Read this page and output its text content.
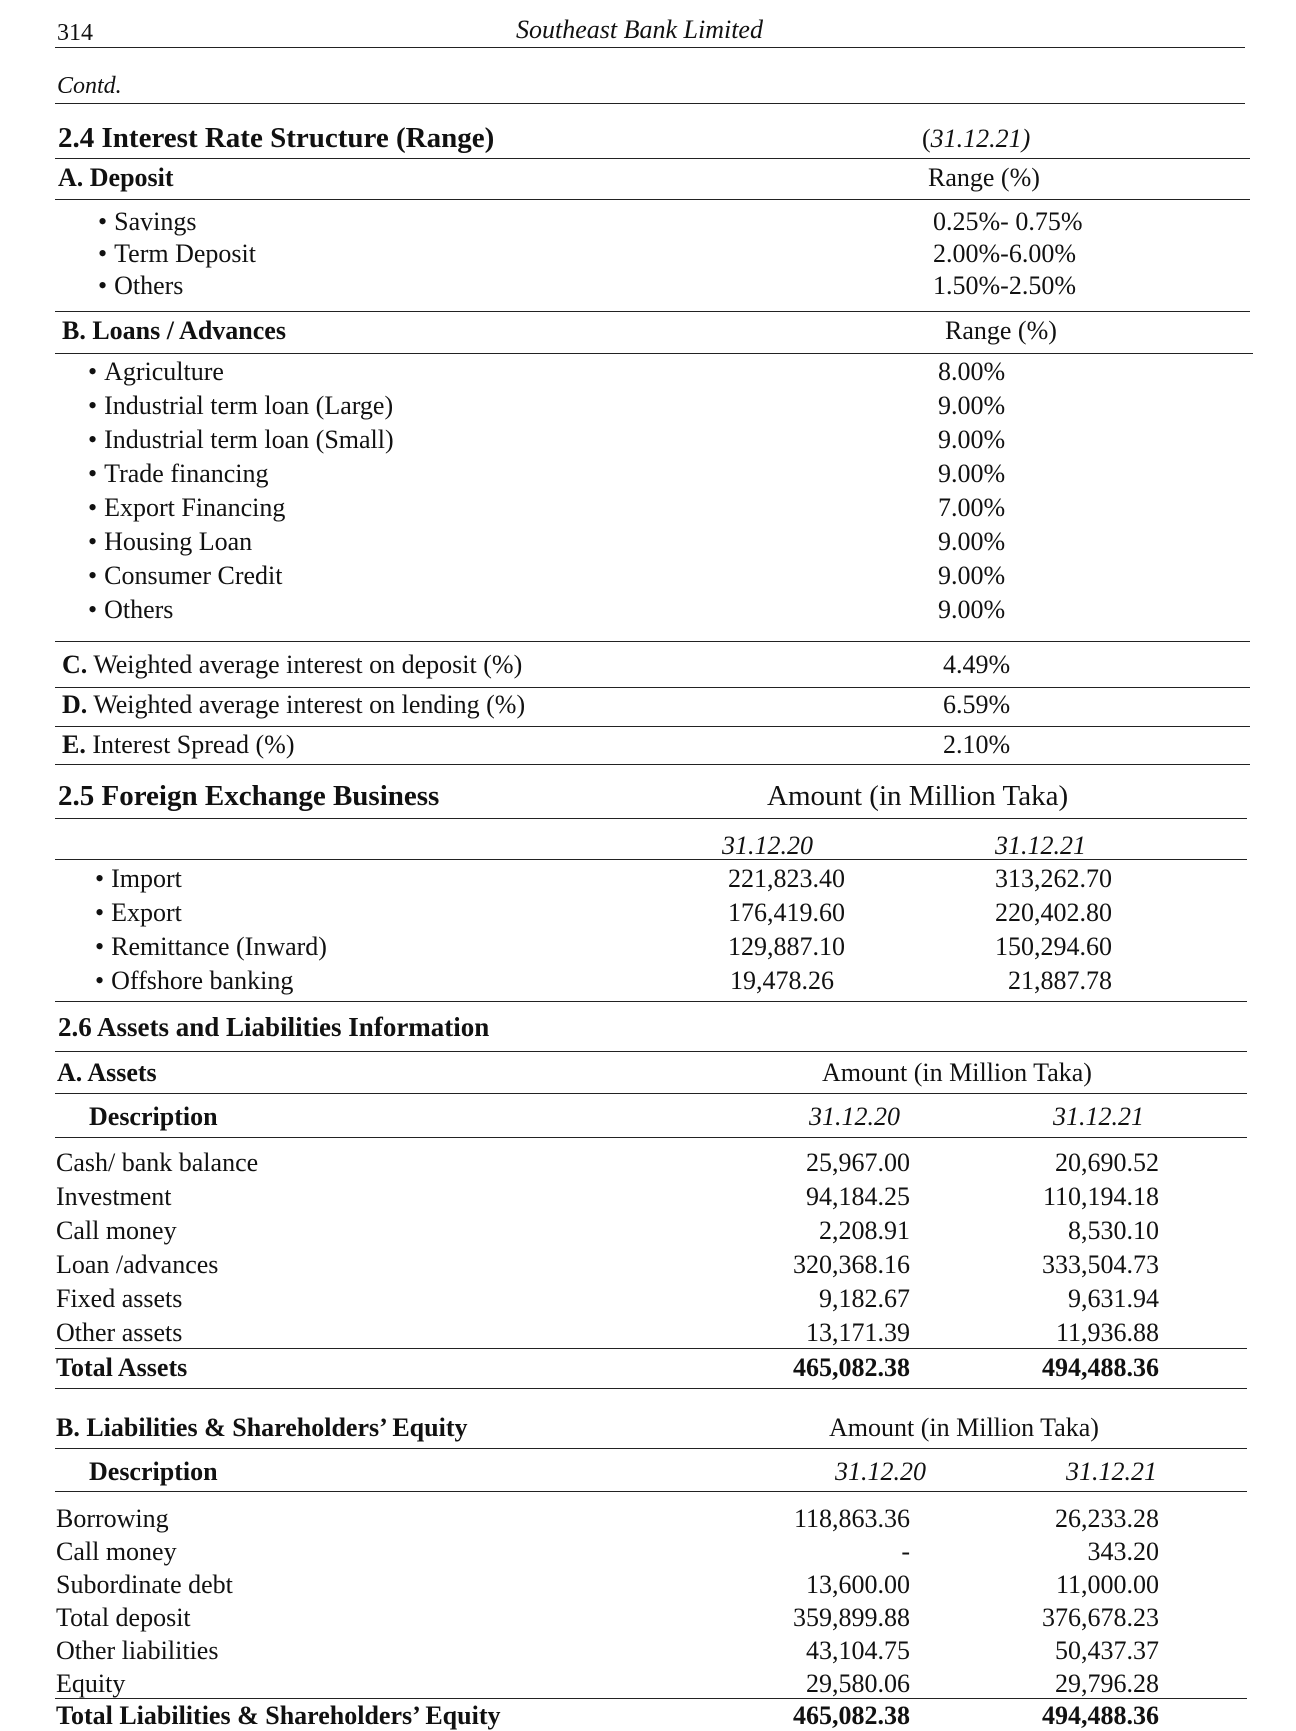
314	Southeast Bank Limited
Contd.
2.4 Interest Rate Structure (Range)	(31.12.21)
A. Deposit	Range (%)
• Savings	0.25%- 0.75%
• Term Deposit	2.00%-6.00%
• Others	1.50%-2.50%
B. Loans / Advances	Range (%)
• Agriculture	8.00%
• Industrial term loan (Large)	9.00%
• Industrial term loan (Small)	9.00%
• Trade financing	9.00%
• Export Financing	7.00%
• Housing Loan	9.00%
• Consumer Credit	9.00%
• Others	9.00%
C. Weighted average interest on deposit (%)	4.49%
D. Weighted average interest on lending (%)	6.59%
E. Interest Spread (%)	2.10%
2.5 Foreign Exchange Business	Amount (in Million Taka)
31.12.20	31.12.21
• Import	221,823.40	313,262.70
• Export	176,419.60	220,402.80
• Remittance (Inward)	129,887.10	150,294.60
• Offshore banking	19,478.26	21,887.78
2.6 Assets and Liabilities Information
A. Assets	Amount (in Million Taka)
Description	31.12.20	31.12.21
Cash/ bank balance	25,967.00	20,690.52
Investment	94,184.25	110,194.18
Call money	2,208.91	8,530.10
Loan /advances	320,368.16	333,504.73
Fixed assets	9,182.67	9,631.94
Other assets	13,171.39	11,936.88
Total Assets	465,082.38	494,488.36
B. Liabilities & Shareholders’ Equity	Amount (in Million Taka)
Description	31.12.20	31.12.21
Borrowing	118,863.36	26,233.28
Call money	-	343.20
Subordinate debt	13,600.00	11,000.00
Total deposit	359,899.88	376,678.23
Other liabilities	43,104.75	50,437.37
Equity	29,580.06	29,796.28
Total Liabilities & Shareholders’ Equity	465,082.38	494,488.36
